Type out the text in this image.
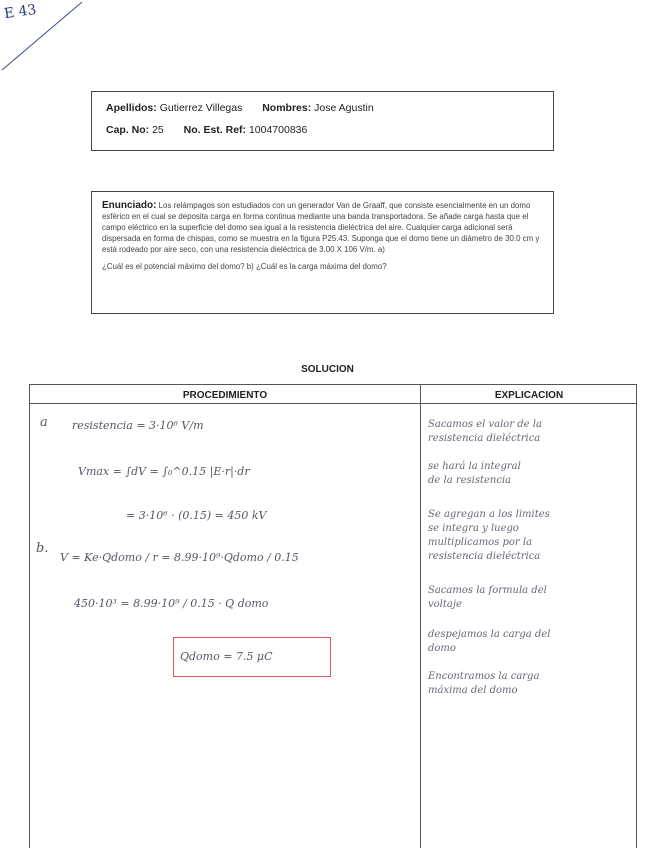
E 43
Apellidos: Gutierrez Villegas Nombres: Jose Agustin
Cap. No: 25 No. Est. Ref: 1004700836

Enunciado: Los relámpagos son estudiados con un generador Van de Graaff, que consiste esencialmente en un domo esférico en el cual se deposita carga en forma continua mediante una banda transportadora. Se añade carga hasta que el campo eléctrico en la superficie del domo sea igual a la resistencia dieléctrica del aire. Cualquier carga adicional será dispersada en forma de chispas, como se muestra en la figura P25.43. Suponga que el domo tiene un diámetro de 30.0 cm y está rodeado por aire seco, con una resistencia dieléctrica de 3.00 X 106 V/m. a)

¿Cuál es el potencial máximo del domo? b) ¿Cuál es la carga máxima del domo?

SOLUCION
PROCEDIMIENTO	EXPLICACION
a resistencia = 3·10⁶ V/m
Vmax = ∫dV = ∫₀^0.15 |E·r|·dr
= 3·10⁶ · (0.15) = 450 kV
b.
V = Ke·Qdomo / r = 8.99·10⁹·Qdomo / 0.15
450·10³ = 8.99·10⁹ / 0.15 · Q domo
Qdomo = 7.5 μC
Sacamos el valor de la
resistencia dieléctrica
se hará la integral
de la resistencia
Se agregan a los limites
se integra y luego
multiplicamos por la
resistencia dieléctrica
Sacamos la formula del
voltaje
despejamos la carga del
domo
Encontramos la carga
máxima del domo
